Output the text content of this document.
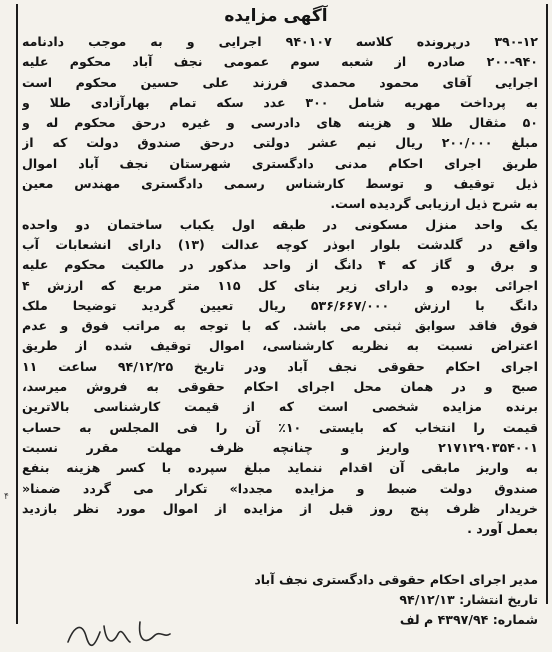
آگهی مزایده
۳۹۰-۱۲ درپرونده کلاسه ۹۴۰۱۰۷ اجرایی و به موجب دادنامه
۲۰۰-۹۴۰ صادره از شعبه سوم عمومی نجف آباد محکوم علیه
اجرایی آقای محمود محمدی فرزند علی حسین محکوم است
به پرداخت مهریه شامل ۳۰۰ عدد سکه تمام بهارآزادی طلا و
۵۰ مثقال طلا و هزینه های دادرسی و غیره درحق محکوم له و
مبلغ ۲۰۰/۰۰۰ ریال نیم عشر دولتی درحق صندوق دولت که از
طریق اجرای احکام مدنی دادگستری شهرستان نجف آباد اموال
ذیل توقیف و توسط کارشناس رسمی دادگستری مهندس معین
به شرح ذیل ارزیابی گردیده است.
یک واحد منزل مسکونی در طبقه اول یکباب ساختمان دو واحده
واقع در گلدشت بلوار ابوذر کوچه عدالت (۱۳) دارای انشعابات آب
و برق و گاز که ۴ دانگ از واحد مذکور در مالکیت محکوم علیه
اجرائی بوده و دارای زیر بنای کل ۱۱۵ متر مربع که ارزش ۴
دانگ با ارزش ۵۳۶/۶۶۷/۰۰۰ ریال تعیین گردید توضیحا ملک
فوق فاقد سوابق ثبتی می باشد. که با توجه به مراتب فوق و عدم
اعتراض نسبت به نظریه کارشناسی، اموال توقیف شده از طریق
اجرای احکام حقوقی نجف آباد ودر تاریخ ۹۴/۱۲/۲۵ ساعت ۱۱
صبح و در همان محل اجرای احکام حقوقی به فروش میرسد،
برنده مزایده شخصی است که از قیمت کارشناسی بالاترین
قیمت را انتخاب که بایستی ۱۰٪ آن را فی المجلس به حساب
۲۱۷۱۲۹۰۳۵۴۰۰۱ واریز و چنانچه ظرف مهلت مقرر نسبت
به واریز مابقی آن اقدام ننماید مبلغ سپرده با کسر هزینه بنفع
صندوق دولت ضبط و مزایده مجددا» تکرار می گردد ضمنا«
خریدار ظرف پنج روز قبل از مزایده از اموال مورد نظر بازدید
بعمل آورد .
مدیر اجرای احکام حقوقی دادگستری نجف آباد
تاریخ انتشار: ۹۴/۱۲/۱۳
شماره: ۴۳۹۷/۹۴ م لف
۴
